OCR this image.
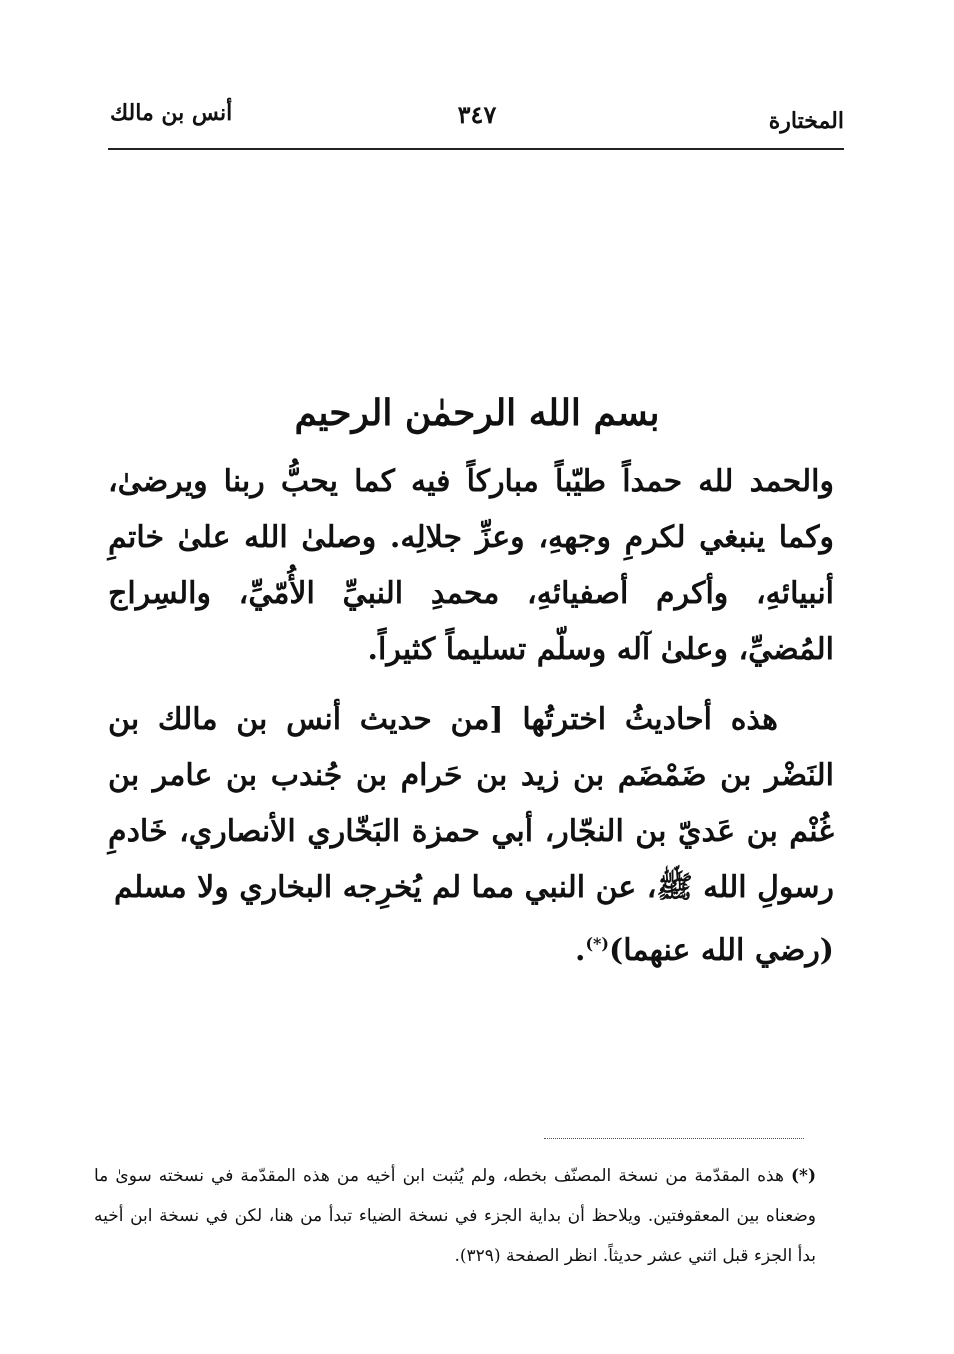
المختارة
٣٤٧
أنس بن مالك
بسم الله الرحمٰن الرحيم

والحمد لله حمداً طيّباً مباركاً فيه كما يحبُّ ربنا ويرضىٰ، وكما ينبغي لكرمِ وجههِ، وعزِّ جلالِه. وصلىٰ الله علىٰ خاتمِ أنبيائهِ، وأكرم أصفيائهِ، محمدِ النبيِّ الأُمّيِّ، والسِراج المُضيِّ، وعلىٰ آله وسلّم تسليماً كثيراً.

هذه أحاديثُ اخترتُها [من حديث أنس بن مالك بن النَضْر بن ضَمْضَم بن زيد بن حَرام بن جُندب بن عامر بن غُنْم بن عَديّ بن النجّار، أبي حمزة البَخّاري الأنصاري، خَادمِ رسولِ الله ﷺ، عن النبي مما لم يُخرِجه البخاري ولا مسلم

(رضي الله عنهما)(*).

(*) هذه المقدّمة من نسخة المصنّف بخطه، ولم يُثبت ابن أخيه من هذه المقدّمة في نسخته سوىٰ ما وضعناه بين المعقوفتين. ويلاحظ أن بداية الجزء في نسخة الضياء تبدأ من هنا، لكن في نسخة ابن أخيه بدأ الجزء قبل اثني عشر حديثاً. انظر الصفحة (٣٢٩).
